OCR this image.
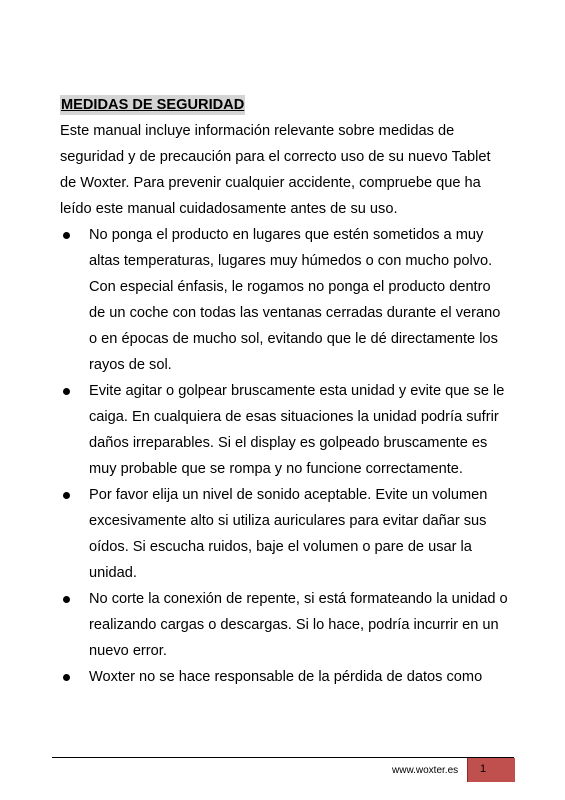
MEDIDAS DE SEGURIDAD

Este manual incluye información relevante sobre medidas de seguridad y de precaución para el correcto uso de su nuevo Tablet de Woxter. Para prevenir cualquier accidente, compruebe que ha leído este manual cuidadosamente antes de su uso.

No ponga el producto en lugares que estén sometidos a muy altas temperaturas, lugares muy húmedos o con mucho polvo. Con especial énfasis, le rogamos no ponga el producto dentro de un coche con todas las ventanas cerradas durante el verano o en épocas de mucho sol, evitando que le dé directamente los rayos de sol.
Evite agitar o golpear bruscamente esta unidad y evite que se le caiga. En cualquiera de esas situaciones la unidad podría sufrir daños irreparables. Si el display es golpeado bruscamente es muy probable que se rompa y no funcione correctamente.
Por favor elija un nivel de sonido aceptable. Evite un volumen excesivamente alto si utiliza auriculares para evitar dañar sus oídos. Si escucha ruidos, baje el volumen o pare de usar la unidad.
No corte la conexión de repente, si está formateando la unidad o realizando cargas o descargas. Si lo hace, podría incurrir en un nuevo error.
Woxter no se hace responsable de la pérdida de datos como
www.woxter.es 1
